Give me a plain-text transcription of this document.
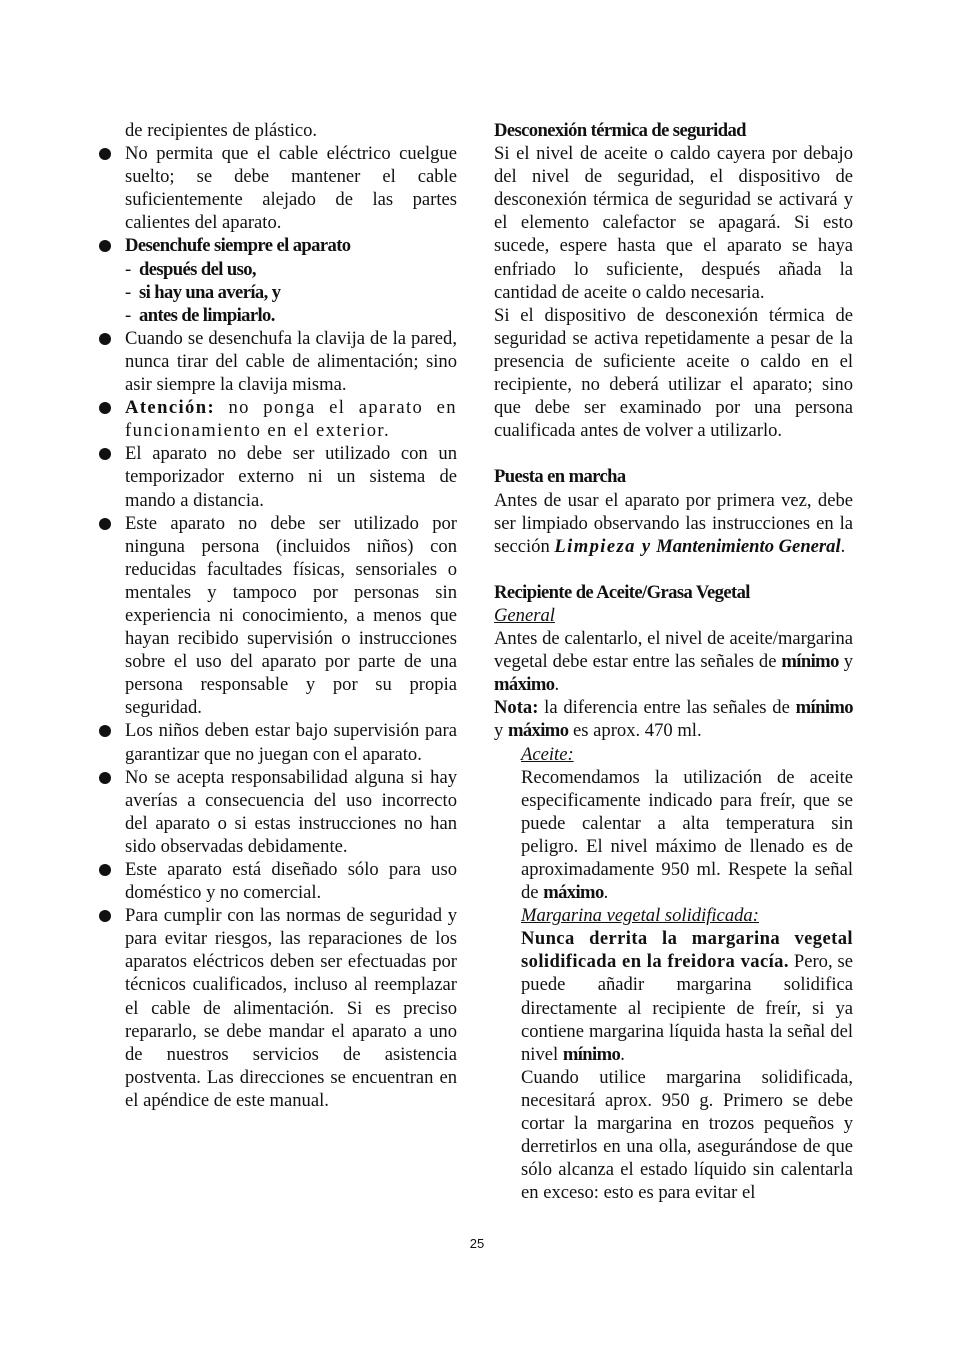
de recipientes de plástico.

No permita que el cable eléctrico cuelgue suelto; se debe mantener el cable suficientemente alejado de las partes calientes del aparato.
Desenchufe siempre el aparato
- después del uso,
- si hay una avería, y
- antes de limpiarlo.
Cuando se desenchufa la clavija de la pared, nunca tirar del cable de alimentación; sino asir siempre la clavija misma.
Atención: no ponga el aparato en funcionamiento en el exterior.
El aparato no debe ser utilizado con un temporizador externo ni un sistema de mando a distancia.
Este aparato no debe ser utilizado por ninguna persona (incluidos niños) con reducidas facultades físicas, sensoriales o mentales y tampoco por personas sin experiencia ni conocimiento, a menos que hayan recibido supervisión o instrucciones sobre el uso del aparato por parte de una persona responsable y por su propia seguridad.
Los niños deben estar bajo supervisión para garantizar que no juegan con el aparato.
No se acepta responsabilidad alguna si hay averías a consecuencia del uso incorrecto del aparato o si estas instrucciones no han sido observadas debidamente.
Este aparato está diseñado sólo para uso doméstico y no comercial.
Para cumplir con las normas de seguridad y para evitar riesgos, las reparaciones de los aparatos eléctricos deben ser efectuadas por técnicos cualificados, incluso al reemplazar el cable de alimentación. Si es preciso repararlo, se debe mandar el aparato a uno de nuestros servicios de asistencia postventa. Las direcciones se encuentran en el apéndice de este manual.

Desconexión térmica de seguridad

Si el nivel de aceite o caldo cayera por debajo del nivel de seguridad, el dispositivo de desconexión térmica de seguridad se activará y el elemento calefactor se apagará. Si esto sucede, espere hasta que el aparato se haya enfriado lo suficiente, después añada la cantidad de aceite o caldo necesaria.

Si el dispositivo de desconexión térmica de seguridad se activa repetidamente a pesar de la presencia de suficiente aceite o caldo en el recipiente, no deberá utilizar el aparato; sino que debe ser examinado por una persona cualificada antes de volver a utilizarlo.

Puesta en marcha

Antes de usar el aparato por primera vez, debe ser limpiado observando las instrucciones en la sección Limpieza y Mantenimiento General.

Recipiente de Aceite/Grasa Vegetal

General

Antes de calentarlo, el nivel de aceite/margarina vegetal debe estar entre las señales de mínimo y máximo.

Nota: la diferencia entre las señales de mínimo y máximo es aprox. 470 ml.

Aceite:

Recomendamos la utilización de aceite especificamente indicado para freír, que se puede calentar a alta temperatura sin peligro. El nivel máximo de llenado es de aproximadamente 950 ml. Respete la señal de máximo.

Margarina vegetal solidificada:

Nunca derrita la margarina vegetal solidificada en la freidora vacía. Pero, se puede añadir margarina solidifica directamente al recipiente de freír, si ya contiene margarina líquida hasta la señal del nivel mínimo.

Cuando utilice margarina solidificada, necesitará aprox. 950 g. Primero se debe cortar la margarina en trozos pequeños y derretirlos en una olla, asegurándose de que sólo alcanza el estado líquido sin calentarla en exceso: esto es para evitar el

25
